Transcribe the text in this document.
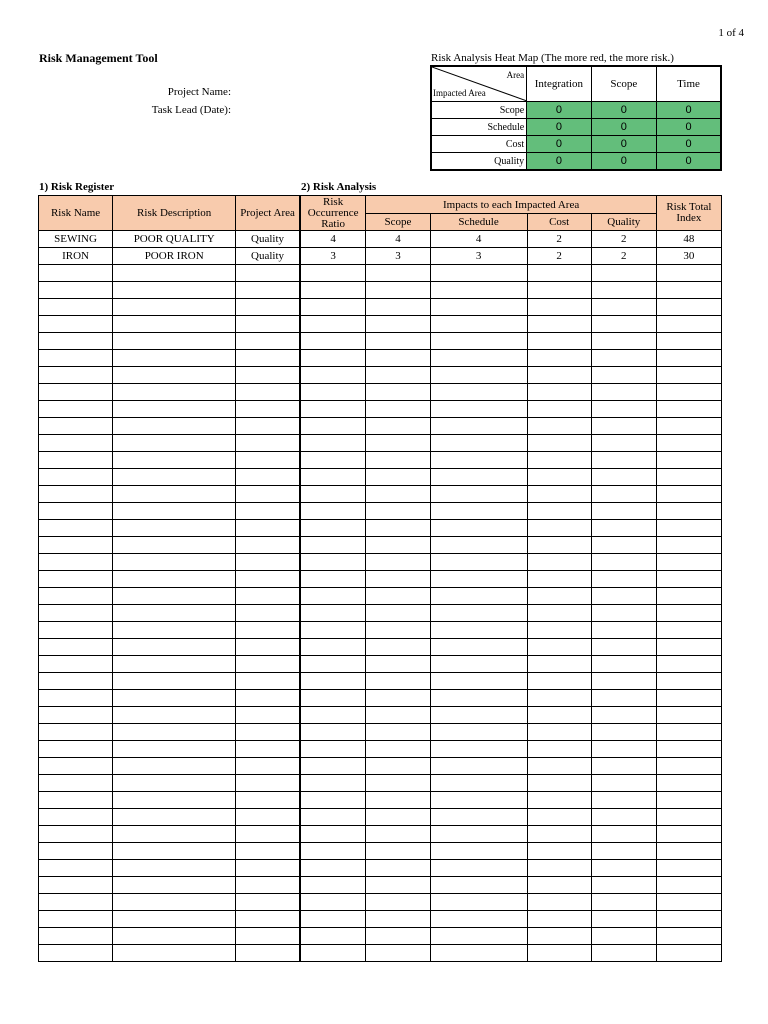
1 of 4
Risk Management Tool
Project Name:
Task Lead (Date):
Risk Analysis Heat Map (The more red, the more risk.)
Area
Impacted Area	Integration	Scope	Time
Scope	0	0	0
Schedule	0	0	0
Cost	0	0	0
Quality	0	0	0
1) Risk Register	2) Risk Analysis
Risk Name	Risk Description	Project Area	Risk Occurrence Ratio	Impacts to each Impacted Area				Risk Total Index
				Scope	Schedule	Cost	Quality	
SEWING	POOR QUALITY	Quality	4	4	4	2	2	48
IRON	POOR IRON	Quality	3	3	3	2	2	30
